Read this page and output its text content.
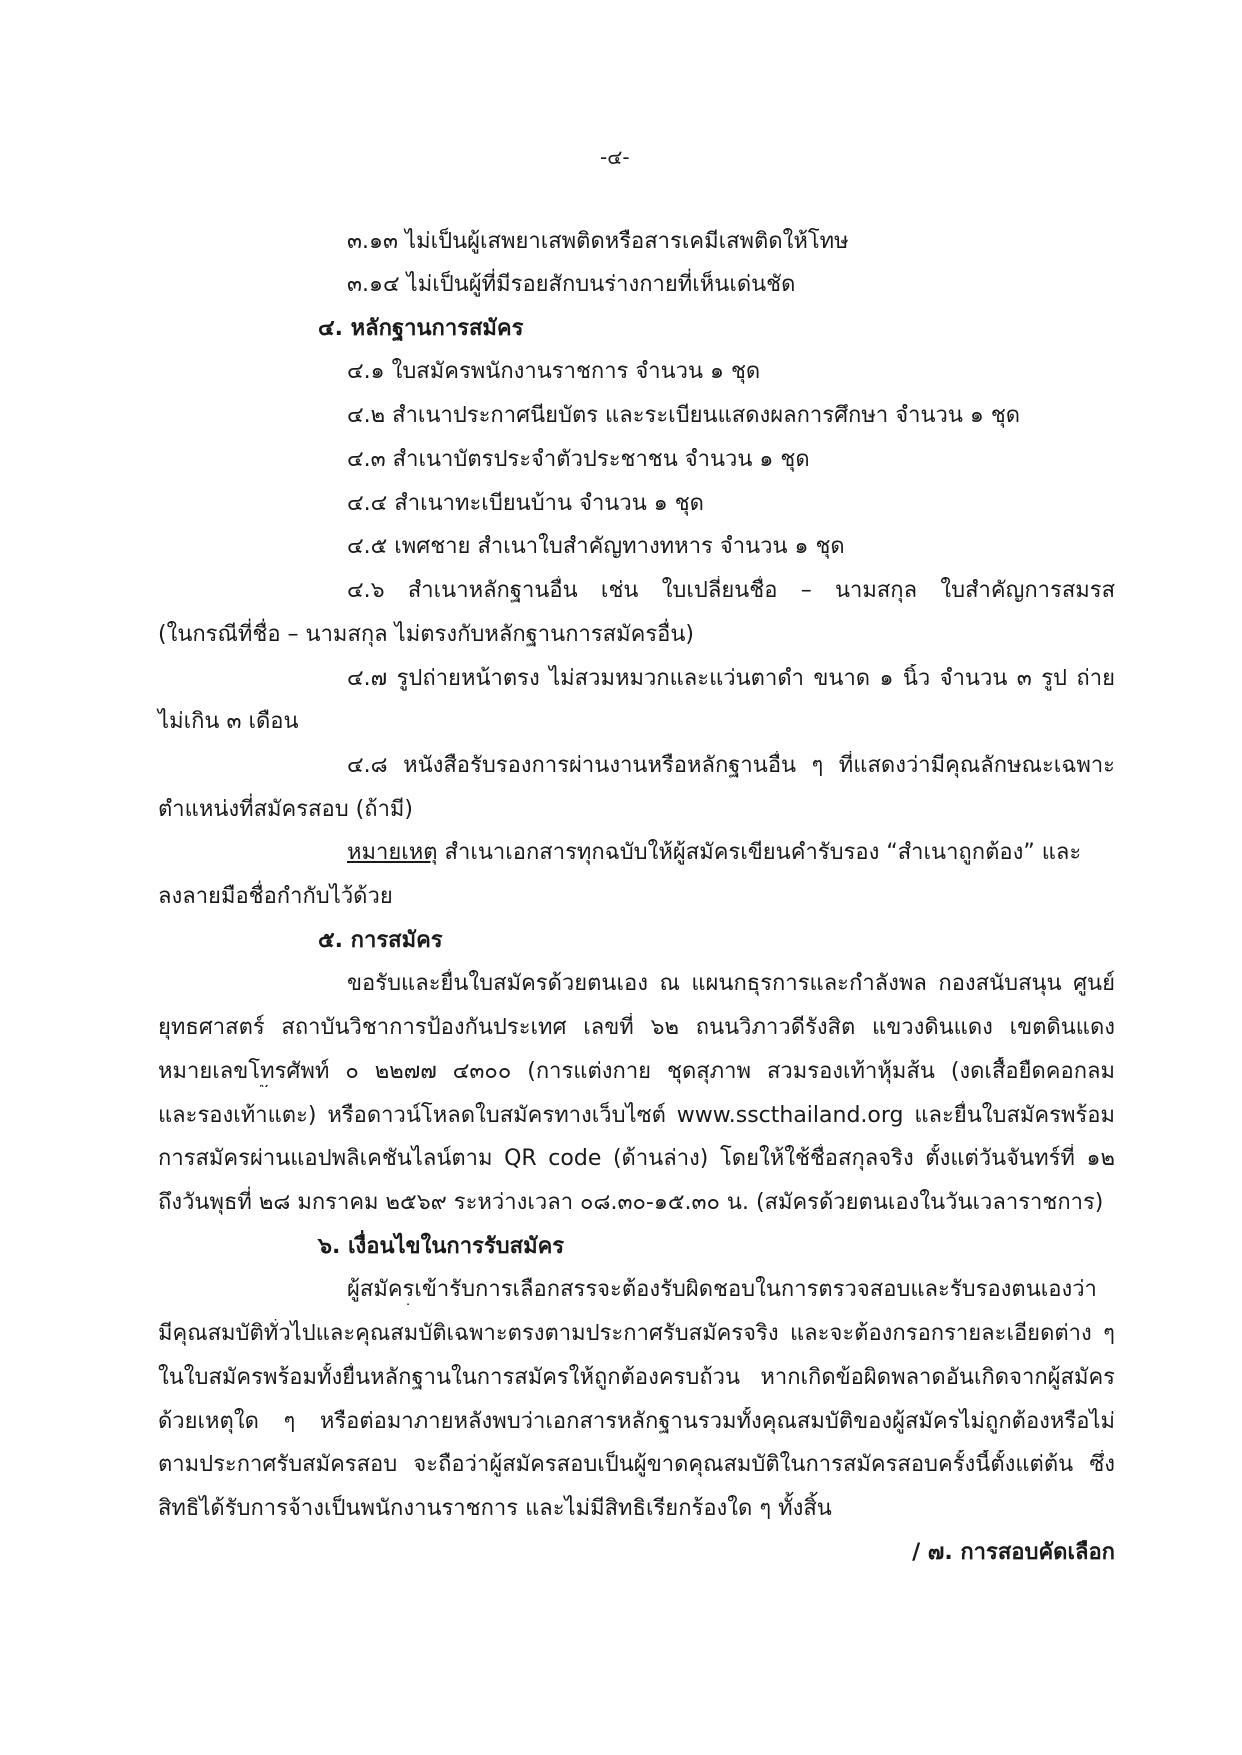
-๔-
๓.๑๓ ไม่เป็นผู้เสพยาเสพติดหรือสารเคมีเสพติดให้โทษ
๓.๑๔ ไม่เป็นผู้ที่มีรอยสักบนร่างกายที่เห็นเด่นชัด
๔. หลักฐานการสมัคร
๔.๑ ใบสมัครพนักงานราชการ จำนวน ๑ ชุด
๔.๒ สำเนาประกาศนียบัตร และระเบียนแสดงผลการศึกษา จำนวน ๑ ชุด
๔.๓ สำเนาบัตรประจำตัวประชาชน จำนวน ๑ ชุด
๔.๔ สำเนาทะเบียนบ้าน จำนวน ๑ ชุด
๔.๕ เพศชาย สำเนาใบสำคัญทางทหาร จำนวน ๑ ชุด
๔.๖ สำเนาหลักฐานอื่น เช่น ใบเปลี่ยนชื่อ – นามสกุล ใบสำคัญการสมรส
(ในกรณีที่ชื่อ – นามสกุล ไม่ตรงกับหลักฐานการสมัครอื่น)
๔.๗ รูปถ่ายหน้าตรง ไม่สวมหมวกและแว่นตาดำ ขนาด ๑ นิ้ว จำนวน ๓ รูป ถ่าย
ไม่เกิน ๓ เดือน
๔.๘ หนังสือรับรองการผ่านงานหรือหลักฐานอื่น ๆ ที่แสดงว่ามีคุณลักษณะเฉพาะ
ตำแหน่งที่สมัครสอบ (ถ้ามี)
หมายเหตุ สำเนาเอกสารทุกฉบับให้ผู้สมัครเขียนคำรับรอง “สำเนาถูกต้อง” และ
ลงลายมือชื่อกำกับไว้ด้วย
๕. การสมัคร
ขอรับและยื่นใบสมัครด้วยตนเอง ณ แผนกธุรการและกำลังพล กองสนับสนุน ศูนย์
ยุทธศาสตร์ สถาบันวิชาการป้องกันประเทศ เลขที่ ๖๒ ถนนวิภาวดีรังสิต แขวงดินแดง เขตดินแดง
หมายเลขโทรศัพท์ ๐ ๒๒๗๗ ๔๓๐๐ (การแต่งกาย ชุดสุภาพ สวมรองเท้าหุ้มส้น (งดเสื้อยืดคอกลม
และรองเท้าแตะ) หรือดาวน์โหลดใบสมัครทางเว็บไซต์ www.sscthailand.org และยื่นใบสมัครพร้อม
การสมัครผ่านแอปพลิเคชันไลน์ตาม QR code (ด้านล่าง) โดยให้ใช้ชื่อสกุลจริง ตั้งแต่วันจันทร์ที่ ๑๒
ถึงวันพุธที่ ๒๘ มกราคม ๒๕๖๙ ระหว่างเวลา ๐๘.๓๐-๑๕.๓๐ น. (สมัครด้วยตนเองในวันเวลาราชการ)
๖. เงื่อนไขในการรับสมัคร
ผู้สมัครเข้ารับการเลือกสรรจะต้องรับผิดชอบในการตรวจสอบและรับรองตนเองว่า
มีคุณสมบัติทั่วไปและคุณสมบัติเฉพาะตรงตามประกาศรับสมัครจริง และจะต้องกรอกรายละเอียดต่าง ๆ
ในใบสมัครพร้อมทั้งยื่นหลักฐานในการสมัครให้ถูกต้องครบถ้วน หากเกิดข้อผิดพลาดอันเกิดจากผู้สมัคร
ด้วยเหตุใด ๆ หรือต่อมาภายหลังพบว่าเอกสารหลักฐานรวมทั้งคุณสมบัติของผู้สมัครไม่ถูกต้องหรือไม่
ตามประกาศรับสมัครสอบ จะถือว่าผู้สมัครสอบเป็นผู้ขาดคุณสมบัติในการสมัครสอบครั้งนี้ตั้งแต่ต้น ซึ่ง
สิทธิได้รับการจ้างเป็นพนักงานราชการ และไม่มีสิทธิเรียกร้องใด ๆ ทั้งสิ้น
/ ๗. การสอบคัดเลือก
